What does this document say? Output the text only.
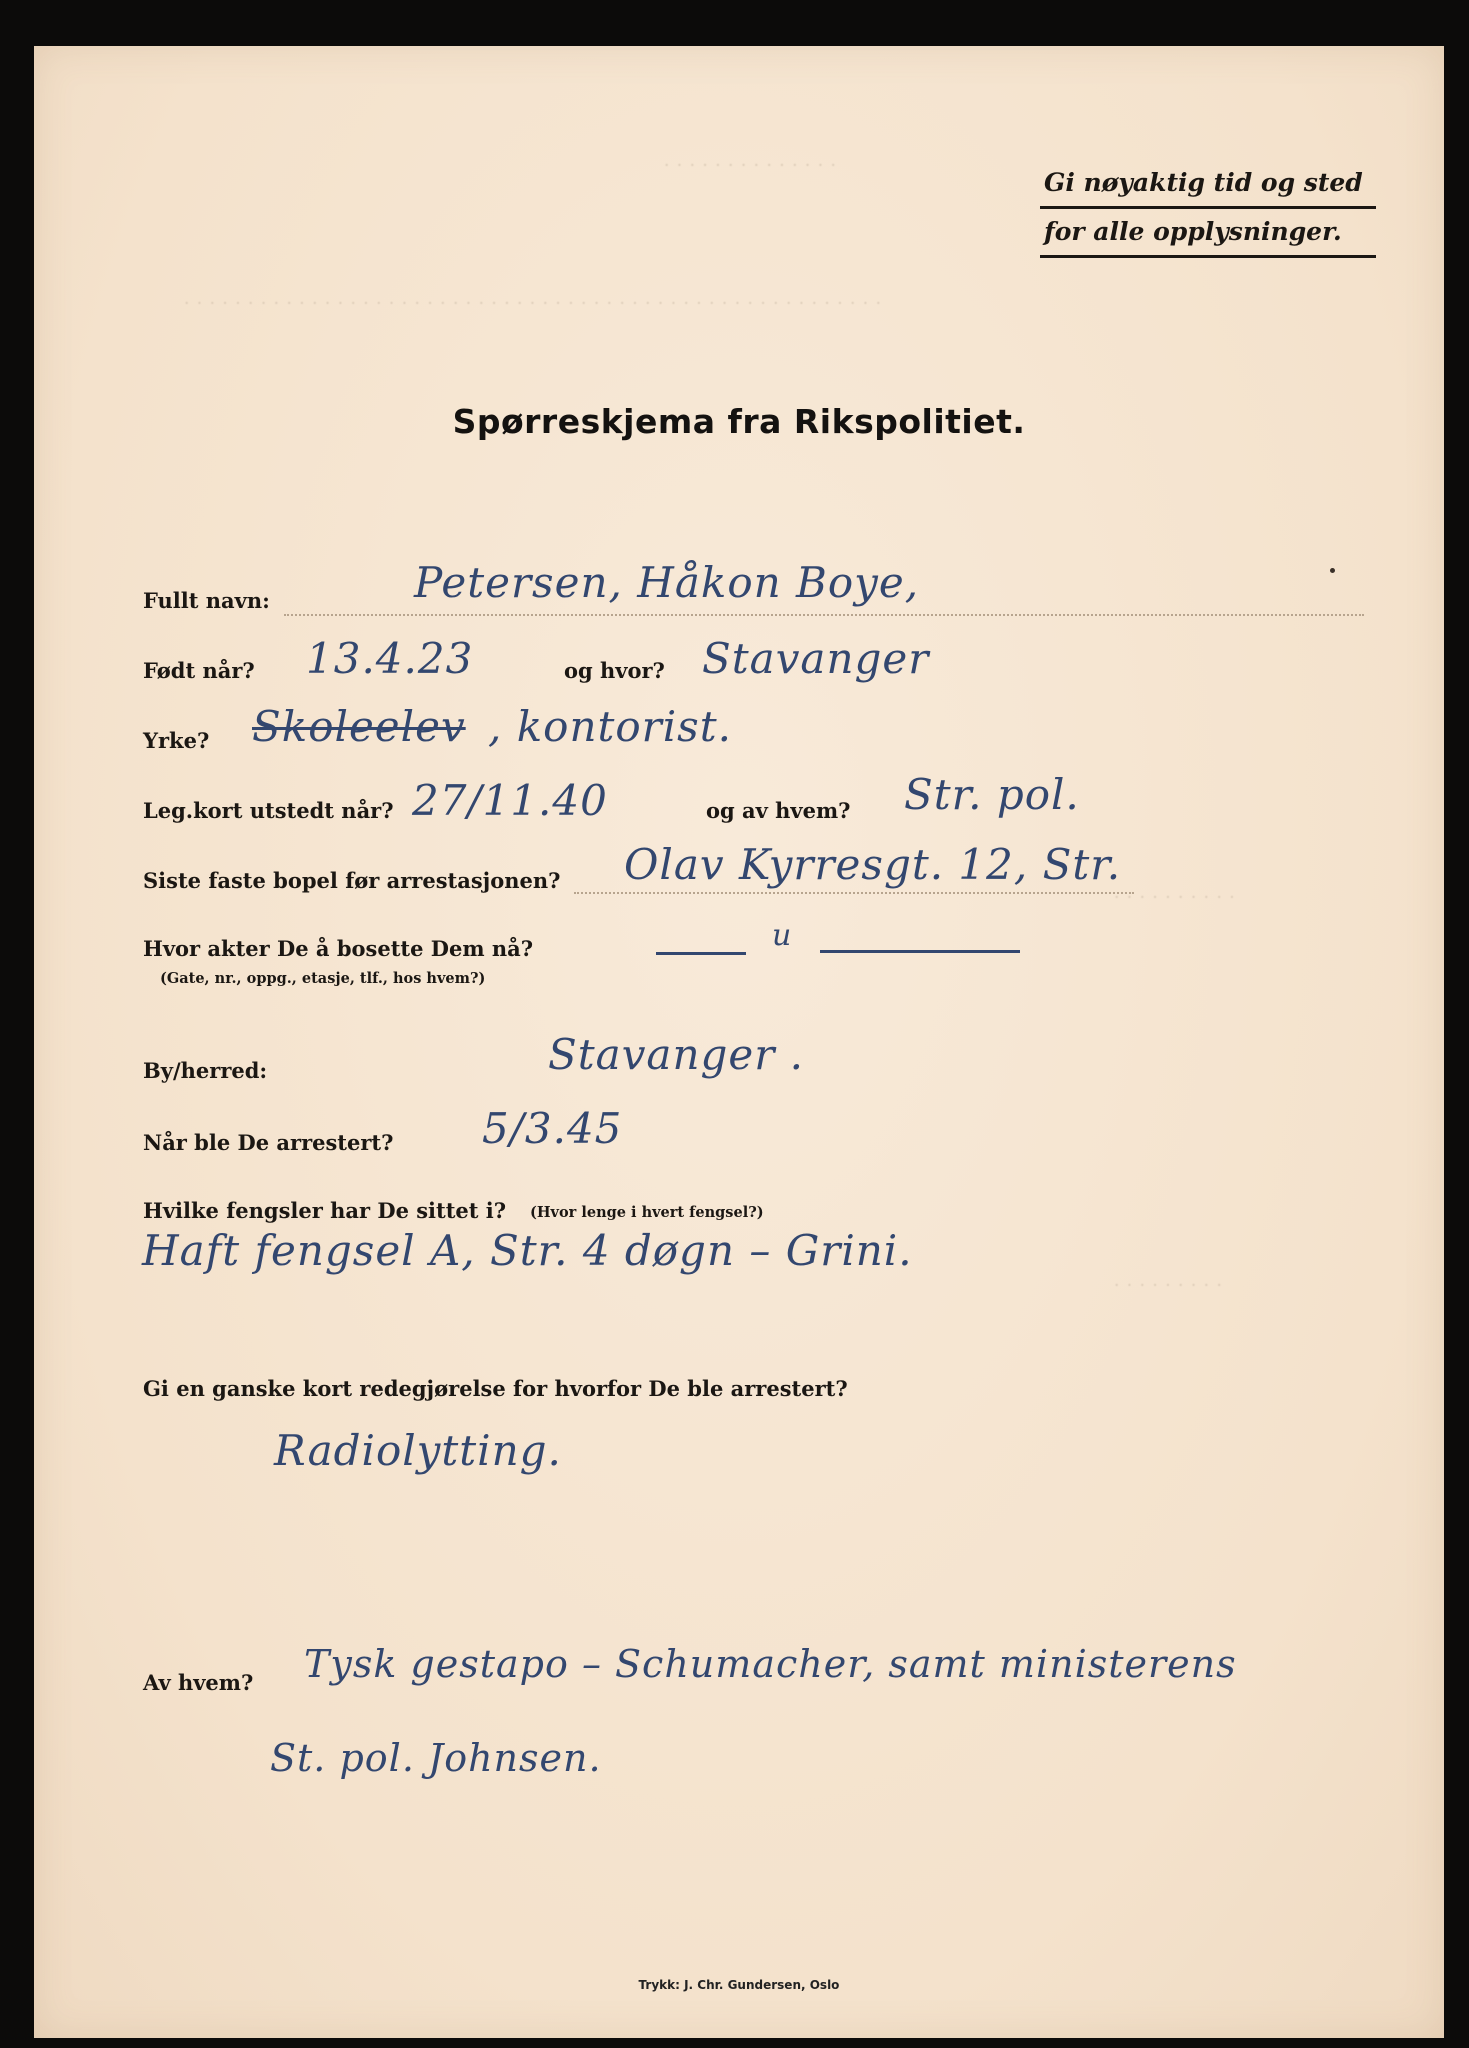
· · · · · · · · · · · · · ·
· · · · · · · · · · · · · · · · · · · · · · · · · · · · · · · · · · · · · · · · · · · · · · · · · · · · · · ·
· · · · · · · · · ·
· · · · · · · · ·
Gi nøyaktig tid og sted
for alle opplysninger.
Spørreskjema fra Rikspolitiet.
Fullt navn:	Petersen, Håkon Boye,
Født når? 13.4.23	og hvor? Stavanger
Yrke? Skoleelev , kontorist.
Leg.kort utstedt når? 27/11.40	og av hvem? Str. pol.
Siste faste bopel før arrestasjonen? Olav Kyrresgt. 12, Str.
Hvor akter De å bosette Dem nå?
(Gate, nr., oppg., etasje, tlf., hos hvem?)
u
By/herred:	Stavanger .
Når ble De arrestert? 5/3.45
Hvilke fengsler har De sittet i? (Hvor lenge i hvert fengsel?)
Haft fengsel A, Str. 4 døgn – Grini.
Gi en ganske kort redegjørelse for hvorfor De ble arrestert?
Radiolytting.
Av hvem? Tysk gestapo – Schumacher, samt ministerens
St. pol. Johnsen.
Trykk: J. Chr. Gundersen, Oslo
